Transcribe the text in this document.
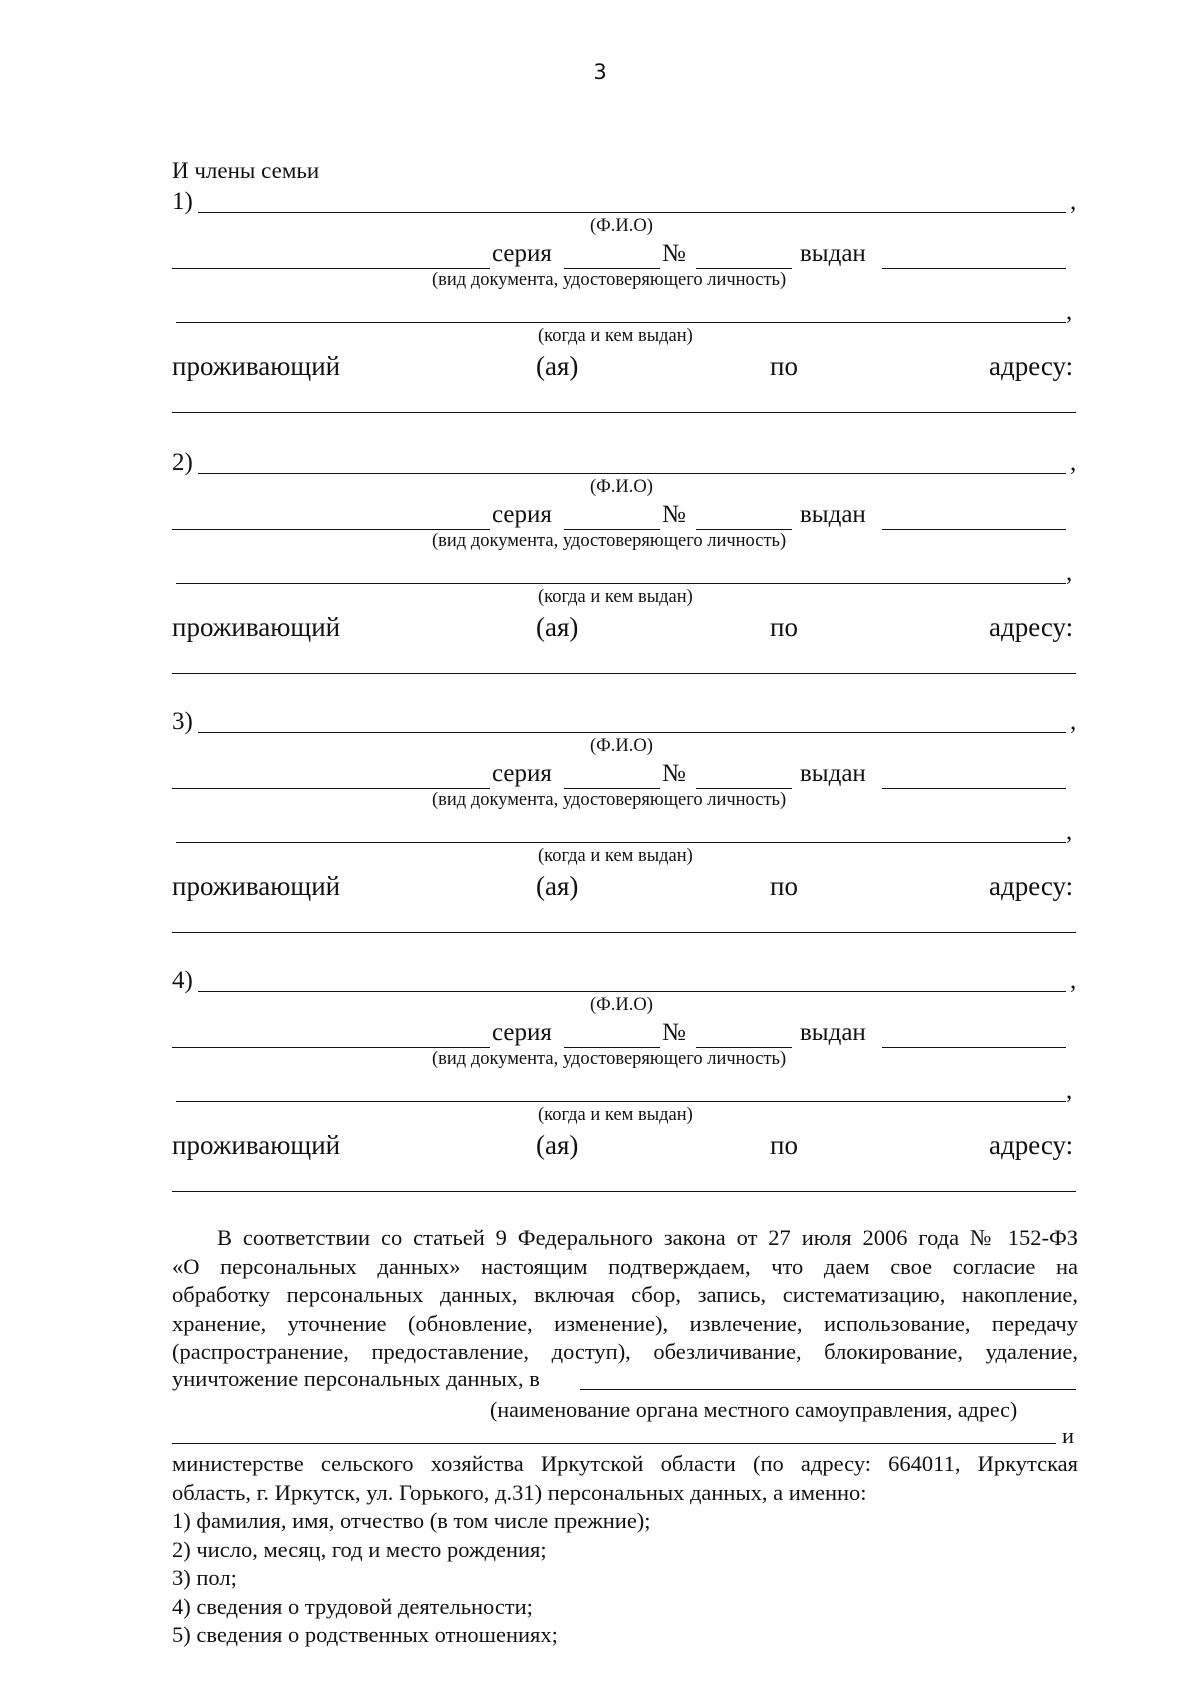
3
И члены семьи
1)	,
(Ф.И.О)
серия	№	выдан
(вид документа, удостоверяющего личность)
,
(когда и кем выдан)
проживающий	(ая)	по	адресу:
2)	,
(Ф.И.О)
серия	№	выдан
(вид документа, удостоверяющего личность)
,
(когда и кем выдан)
проживающий	(ая)	по	адресу:
3)	,
(Ф.И.О)
серия	№	выдан
(вид документа, удостоверяющего личность)
,
(когда и кем выдан)
проживающий	(ая)	по	адресу:
4)	,
(Ф.И.О)
серия	№	выдан
(вид документа, удостоверяющего личность)
,
(когда и кем выдан)
проживающий	(ая)	по	адресу:

В соответствии со статьей 9 Федерального закона от 27 июля 2006 года № 152-ФЗ

«О персональных данных» настоящим подтверждаем, что даем свое согласие на

обработку персональных данных, включая сбор, запись, систематизацию, накопление,

хранение, уточнение (обновление, изменение), извлечение, использование, передачу

(распространение, предоставление, доступ), обезличивание, блокирование, удаление,

уничтожение персональных данных, в
(наименование органа местного самоуправления, адрес)
и

министерстве сельского хозяйства Иркутской области (по адресу: 664011, Иркутская

область, г. Иркутск, ул. Горького, д.31) персональных данных, а именно:

1) фамилия, имя, отчество (в том числе прежние);
2) число, месяц, год и место рождения;
3) пол;
4) сведения о трудовой деятельности;
5) сведения о родственных отношениях;
